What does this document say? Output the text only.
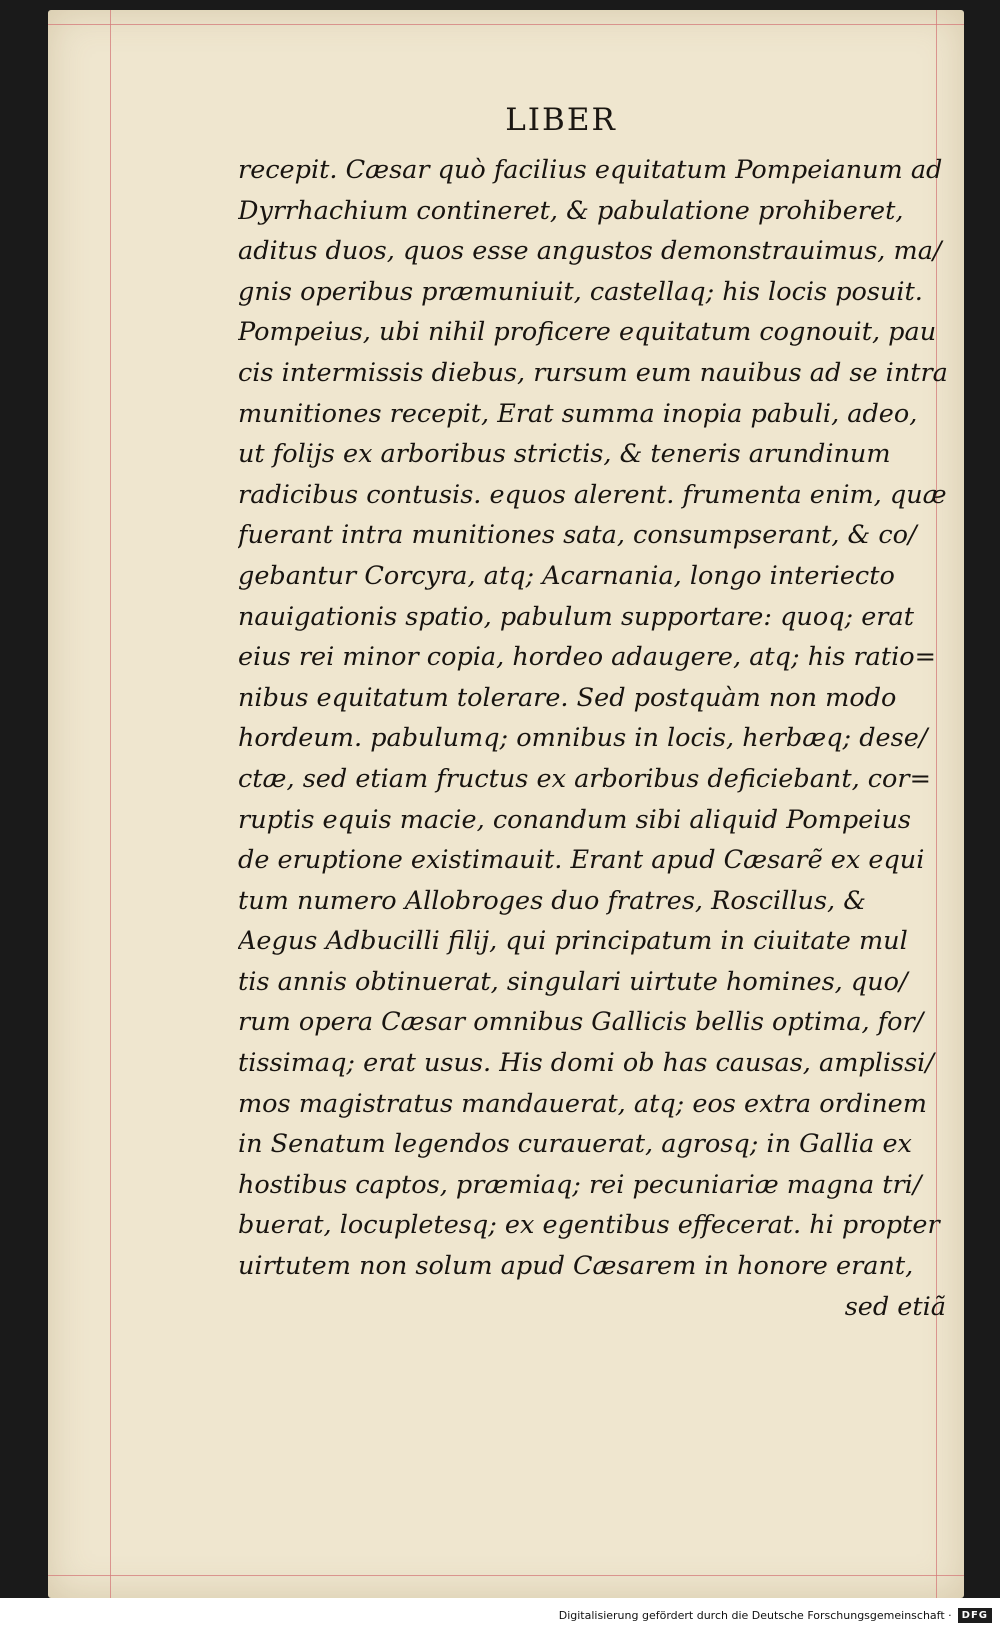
LIBER
recepit. Cæsar quò facilius equitatum Pompeianum ad
Dyrrhachium contineret, & pabulatione prohiberet,
aditus duos, quos esse angustos demonstrauimus, ma/
gnis operibus præmuniuit, castellaq; his locis posuit.
Pompeius, ubi nihil proficere equitatum cognouit, pau
cis intermissis diebus, rursum eum nauibus ad se intra
munitiones recepit, Erat summa inopia pabuli, adeo,
ut folijs ex arboribus strictis, & teneris arundinum
radicibus contusis. equos alerent. frumenta enim, quæ
fuerant intra munitiones sata, consumpserant, & co/
gebantur Corcyra, atq; Acarnania, longo interiecto
nauigationis spatio, pabulum supportare: quoq; erat
eius rei minor copia, hordeo adaugere, atq; his ratio=
nibus equitatum tolerare. Sed postquàm non modo
hordeum. pabulumq; omnibus in locis, herbæq; dese/
ctæ, sed etiam fructus ex arboribus deficiebant, cor=
ruptis equis macie, conandum sibi aliquid Pompeius
de eruptione existimauit. Erant apud Cæsarẽ ex equi
tum numero Allobroges duo fratres, Roscillus, &
Aegus Adbucilli filij, qui principatum in ciuitate mul
tis annis obtinuerat, singulari uirtute homines, quo/
rum opera Cæsar omnibus Gallicis bellis optima, for/
tissimaq; erat usus. His domi ob has causas, amplissi/
mos magistratus mandauerat, atq; eos extra ordinem
in Senatum legendos curauerat, agrosq; in Gallia ex
hostibus captos, præmiaq; rei pecuniariæ magna tri/
buerat, locupletesq; ex egentibus effecerat. hi propter
uirtutem non solum apud Cæsarem in honore erant,
sed etiã
Digitalisierung gefördert durch die Deutsche Forschungsgemeinschaft ·	DFG
